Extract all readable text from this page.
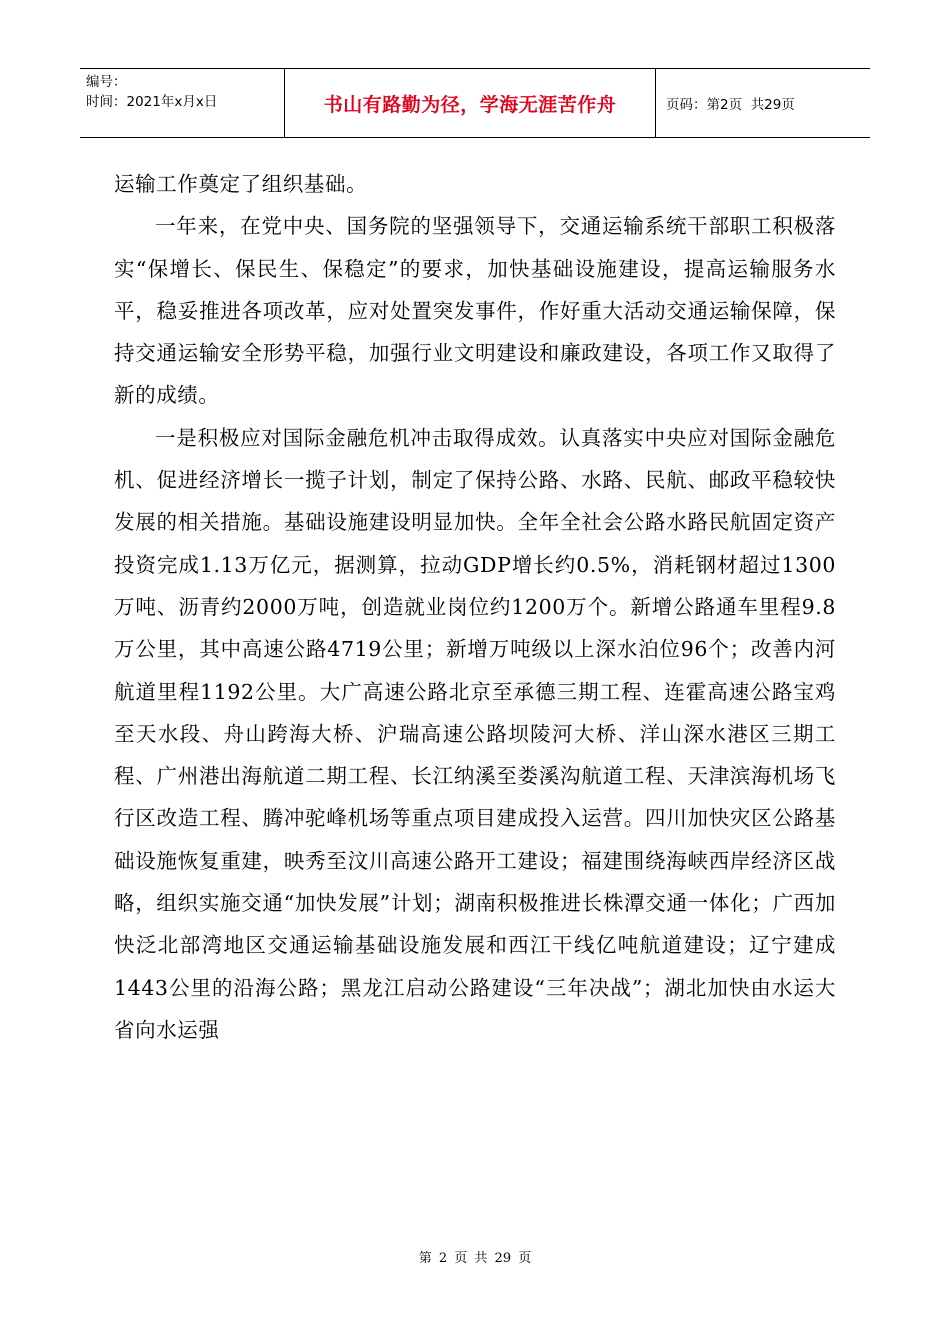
编号：
时间：2021年x月x日	书山有路勤为径，学海无涯苦作舟	页码：第2页  共29页

运输工作奠定了组织基础。

一年来，在党中央、国务院的坚强领导下，交通运输系统干部职工积极落实“保增长、保民生、保稳定”的要求，加快基础设施建设，提高运输服务水平，稳妥推进各项改革，应对处置突发事件，作好重大活动交通运输保障，保持交通运输安全形势平稳，加强行业文明建设和廉政建设，各项工作又取得了新的成绩。

一是积极应对国际金融危机冲击取得成效。认真落实中央应对国际金融危机、促进经济增长一揽子计划，制定了保持公路、水路、民航、邮政平稳较快发展的相关措施。基础设施建设明显加快。全年全社会公路水路民航固定资产投资完成1.13万亿元，据测算，拉动GDP增长约0.5%，消耗钢材超过1300万吨、沥青约2000万吨，创造就业岗位约1200万个。新增公路通车里程9.8万公里，其中高速公路4719公里；新增万吨级以上深水泊位96个；改善内河航道里程1192公里。大广高速公路北京至承德三期工程、连霍高速公路宝鸡至天水段、舟山跨海大桥、沪瑞高速公路坝陵河大桥、洋山深水港区三期工程、广州港出海航道二期工程、长江纳溪至娄溪沟航道工程、天津滨海机场飞行区改造工程、腾冲驼峰机场等重点项目建成投入运营。四川加快灾区公路基础设施恢复重建，映秀至汶川高速公路开工建设；福建围绕海峡西岸经济区战略，组织实施交通“加快发展”计划；湖南积极推进长株潭交通一体化；广西加快泛北部湾地区交通运输基础设施发展和西江干线亿吨航道建设；辽宁建成1443公里的沿海公路；黑龙江启动公路建设“三年决战”；湖北加快由水运大省向水运强

第 2 页 共 29 页
